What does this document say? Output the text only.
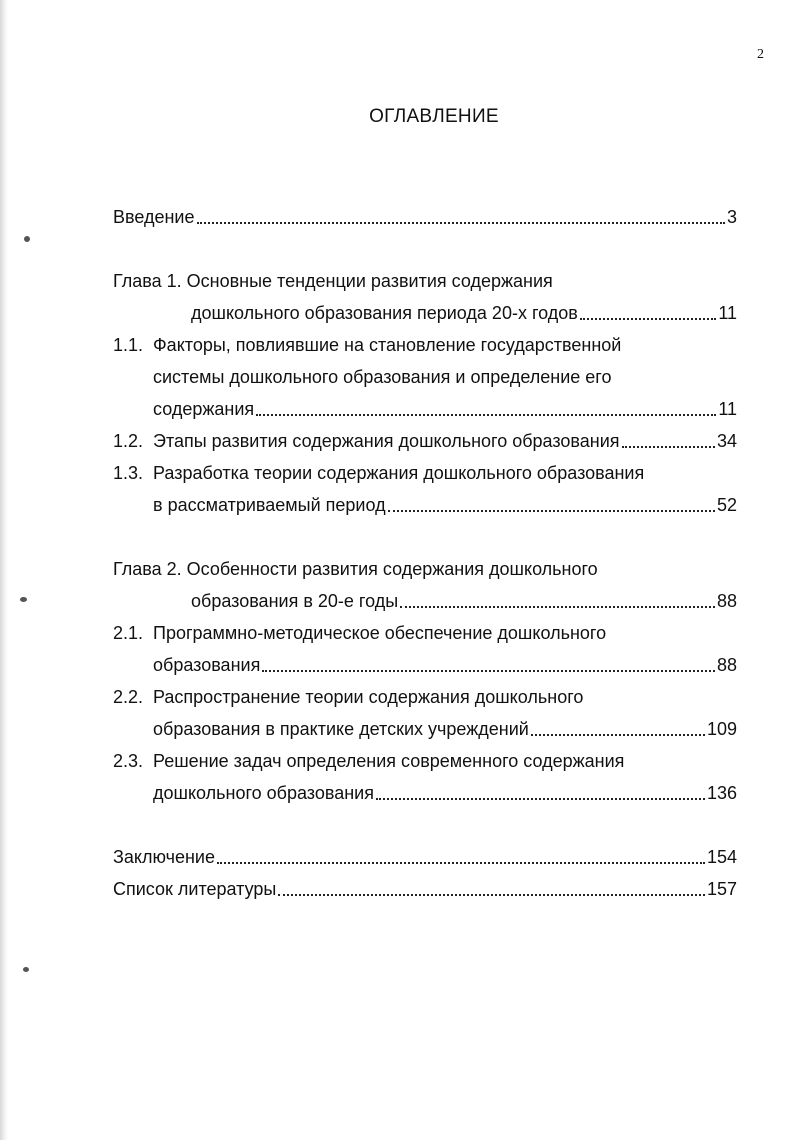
2
ОГЛАВЛЕНИЕ
Введение	3
Глава 1. Основные тенденции развития содержания
дошкольного образования периода 20-х годов	11
1.1. Факторы, повлиявшие на становление государственной
системы дошкольного образования и определение его
содержания	11
1.2. Этапы развития содержания дошкольного образования	34
1.3. Разработка теории содержания дошкольного образования
в рассматриваемый период	52
Глава 2. Особенности развития содержания дошкольного
образования в 20-е годы	88
2.1. Программно-методическое обеспечение дошкольного
образования	88
2.2. Распространение теории содержания дошкольного
образования в практике детских учреждений	109
2.3. Решение задач определения современного содержания
дошкольного образования	136
Заключение	154
Список литературы	157
